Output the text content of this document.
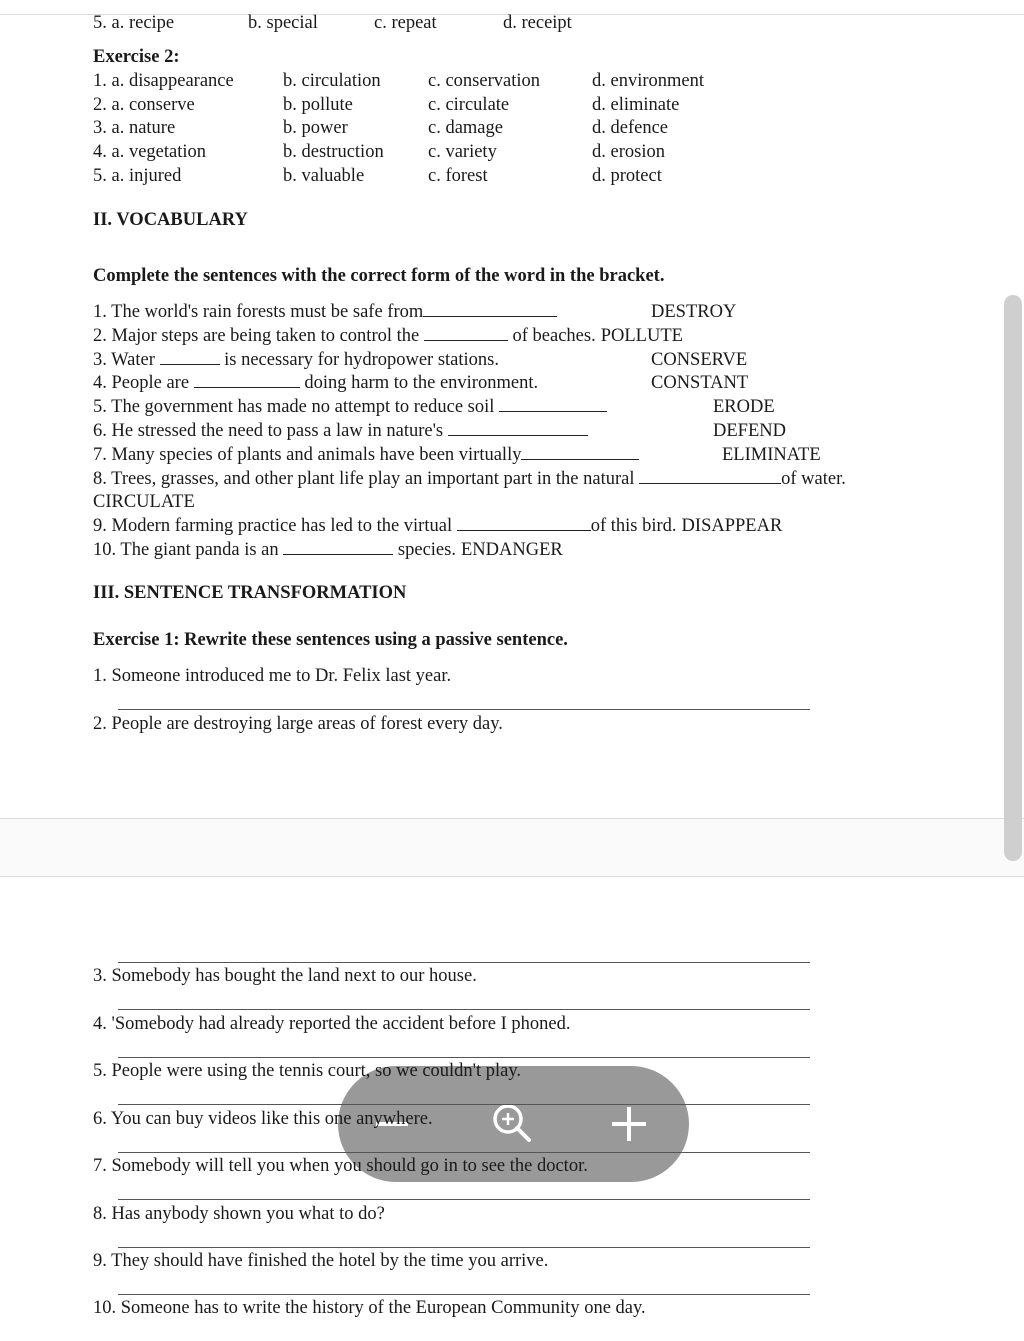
5. a. recipe	b. special	c. repeat	d. receipt
Exercise 2:
1. a. disappearance	b. circulation	c. conservation	d. environment
2. a. conserve	b. pollute	c. circulate	d. eliminate
3. a. nature	b. power	c. damage	d. defence
4. a. vegetation	b. destruction c. variety	d. erosion
5. a. injured	b. valuable	c. forest	d. protect
II. VOCABULARY
Complete the sentences with the correct form of the word in the bracket.
1. The world's rain forests must be safe from	DESTROY
2. Major steps are being taken to control the	of beaches. POLLUTE
3. Water	is necessary for hydropower stations.	CONSERVE
4. People are	doing harm to the environment.	CONSTANT
5. The government has made no attempt to reduce soil	ERODE
6. He stressed the need to pass a law in nature's	DEFEND
7. Many species of plants and animals have been virtually	ELIMINATE
8. Trees, grasses, and other plant life play an important part in the natural	of water.
CIRCULATE
9. Modern farming practice has led to the virtual	of this bird. DISAPPEAR
10. The giant panda is an	species. ENDANGER
III. SENTENCE TRANSFORMATION
Exercise 1: Rewrite these sentences using a passive sentence.
1. Someone introduced me to Dr. Felix last year.
2. People are destroying large areas of forest every day.
3. Somebody has bought the land next to our house.
4. 'Somebody had already reported the accident before I phoned.
5. People were using the tennis court, so we couldn't play.
6. You can buy videos like this one anywhere.
7. Somebody will tell you when you should go in to see the doctor.
8. Has anybody shown you what to do?
9. They should have finished the hotel by the time you arrive.
10. Someone has to write the history of the European Community one day.
